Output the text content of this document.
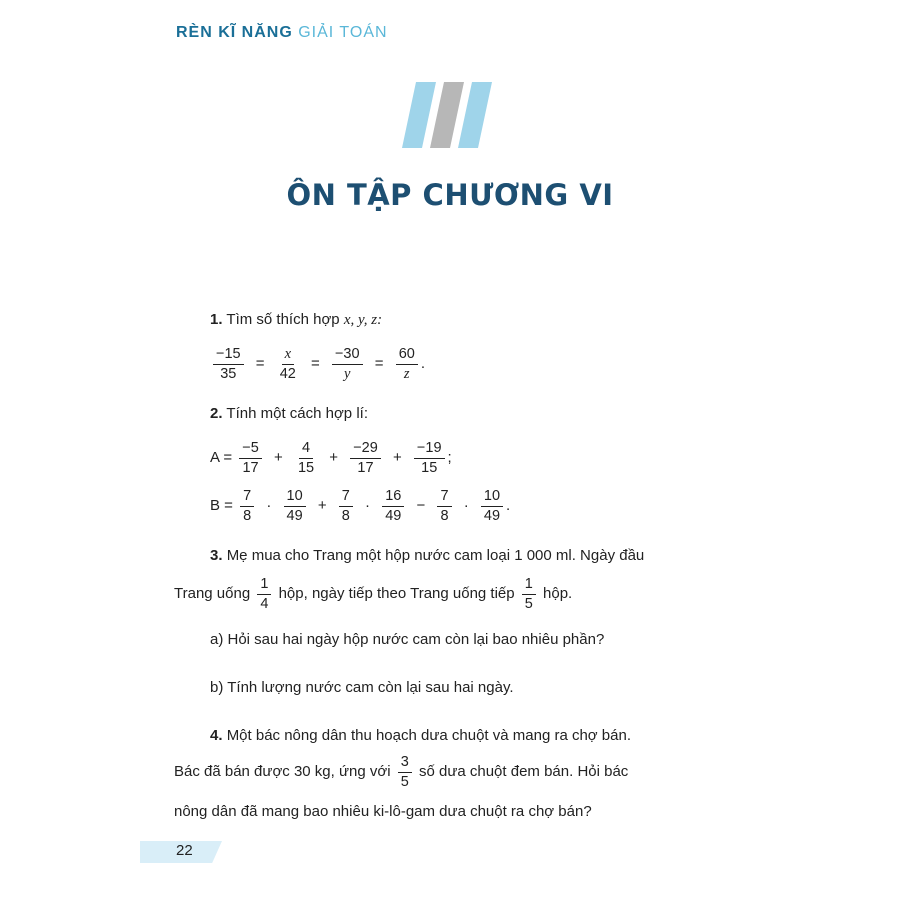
RÈN KĨ NĂNG GIẢI TOÁN
ÔN TẬP CHƯƠNG VI
1. Tìm số thích hợp x, y, z:
$\frac{-15}{35} = \frac{x}{42} = \frac{-30}{y} = \frac{60}{z}$ .
2. Tính một cách hợp lí:
$A = \frac{-5}{17} + \frac{4}{15} + \frac{-29}{17} + \frac{-19}{15}$ ;
$B = \frac{7}{8} \cdot \frac{10}{49} + \frac{7}{8} \cdot \frac{16}{49} - \frac{7}{8} \cdot \frac{10}{49}$ .
3. Mẹ mua cho Trang một hộp nước cam loại 1 000 ml. Ngày đầu
Trang uống $\frac{1}{4}$ hộp, ngày tiếp theo Trang uống tiếp $\frac{1}{5}$ hộp.
a) Hỏi sau hai ngày hộp nước cam còn lại bao nhiêu phần?
b) Tính lượng nước cam còn lại sau hai ngày.
4. Một bác nông dân thu hoạch dưa chuột và mang ra chợ bán.
Bác đã bán được 30 kg, ứng với $\frac{3}{5}$ số dưa chuột đem bán. Hỏi bác
nông dân đã mang bao nhiêu ki-lô-gam dưa chuột ra chợ bán?
22
